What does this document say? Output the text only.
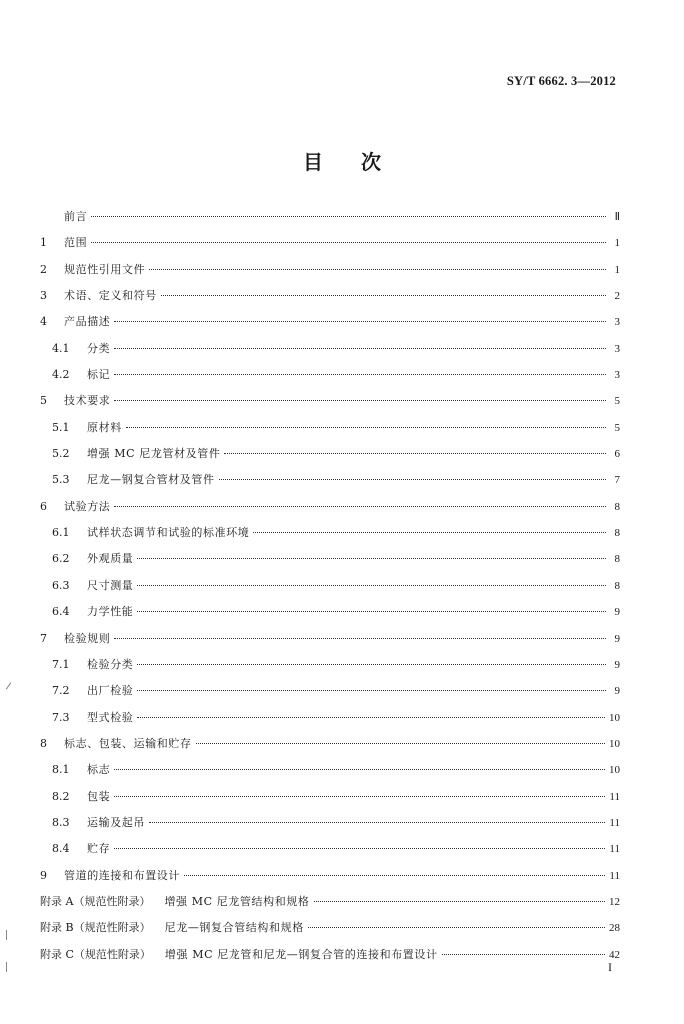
SY/T 6662. 3—2012
目次
前言	Ⅱ
1	范围	1
2	规范性引用文件	1
3	术语、定义和符号	2
4	产品描述	3
4.1	分类	3
4.2	标记	3
5	技术要求	5
5.1	原材料	5
5.2	增强 MC 尼龙管材及管件	6
5.3	尼龙—钢复合管材及管件	7
6	试验方法	8
6.1	试样状态调节和试验的标准环境	8
6.2	外观质量	8
6.3	尺寸测量	8
6.4	力学性能	9
7	检验规则	9
7.1	检验分类	9
7.2	出厂检验	9
7.3	型式检验	10
8	标志、包装、运输和贮存	10
8.1	标志	10
8.2	包装	11
8.3	运输及起吊	11
8.4	贮存	11
9	管道的连接和布置设计	11
附录 A（规范性附录） 增强 MC 尼龙管结构和规格	12
附录 B（规范性附录） 尼龙—钢复合管结构和规格	28
附录 C（规范性附录） 增强 MC 尼龙管和尼龙—钢复合管的连接和布置设计	42
I
